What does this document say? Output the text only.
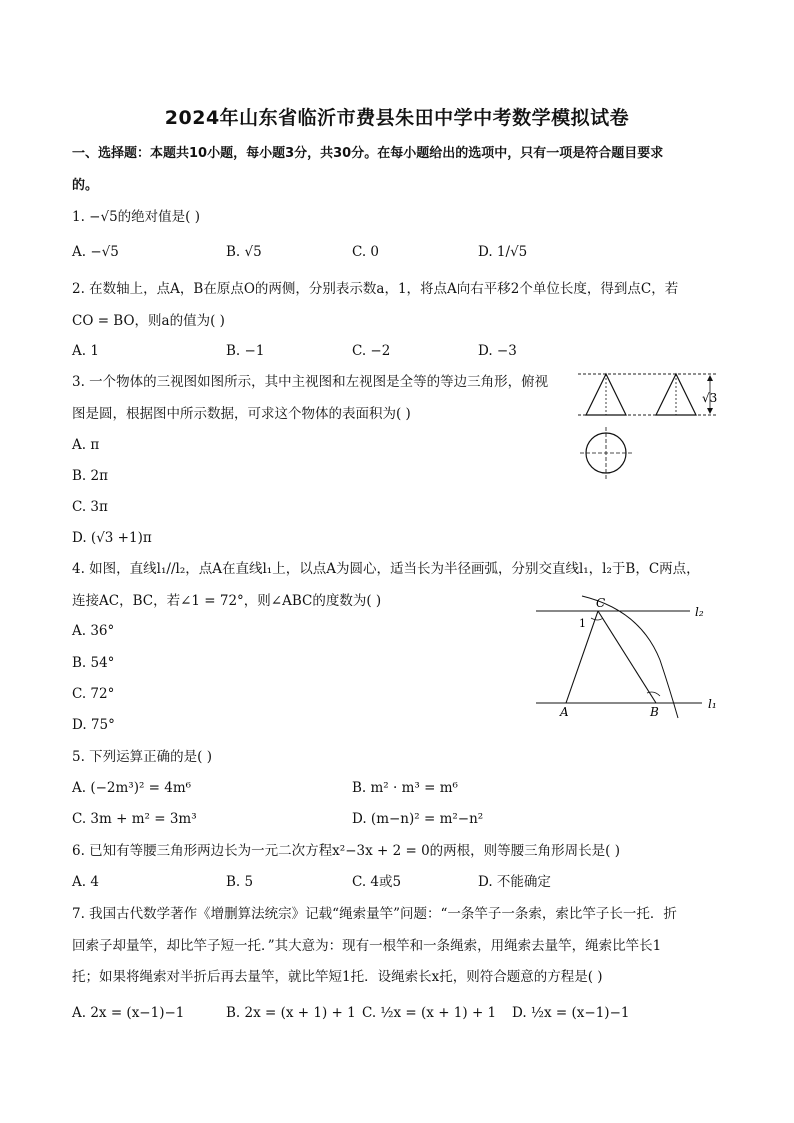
2024年山东省临沂市费县朱田中学中考数学模拟试卷
一、选择题：本题共10小题，每小题3分，共30分。在每小题给出的选项中，只有一项是符合题目要求
的。
1. −√5的绝对值是( )
A. −√5	B. √5	C. 0	D. 1/√5
2. 在数轴上，点A，B在原点O的两侧，分别表示数a，1，将点A向右平移2个单位长度，得到点C，若
CO = BO，则a的值为( )
A. 1	B. −1	C. −2	D. −3
3. 一个物体的三视图如图所示，其中主视图和左视图是全等的等边三角形，俯视
图是圆，根据图中所示数据，可求这个物体的表面积为( )
A. π
B. 2π
C. 3π
D. (√3 +1)π
√3
4. 如图，直线l₁//l₂，点A在直线l₁上，以点A为圆心，适当长为半径画弧，分别交直线l₁，l₂于B，C两点，
连接AC，BC，若∠1 = 72°，则∠ABC的度数为( )
A. 36°
B. 54°
C. 72°
D. 75°
C
1
A	B
l₂
l₁
5. 下列运算正确的是( )
A. (−2m³)² = 4m⁶	B. m² · m³ = m⁶
C. 3m + m² = 3m³	D. (m−n)² = m²−n²
6. 已知有等腰三角形两边长为一元二次方程x²−3x + 2 = 0的两根，则等腰三角形周长是( )
A. 4	B. 5	C. 4或5	D. 不能确定
7. 我国古代数学著作《增删算法统宗》记载“绳索量竿”问题：“一条竿子一条索，索比竿子长一托．折
回索子却量竿，却比竿子短一托．”其大意为：现有一根竿和一条绳索，用绳索去量竿，绳索比竿长1
托；如果将绳索对半折后再去量竿，就比竿短1托．设绳索长x托，则符合题意的方程是( )
A. 2x = (x−1)−1	B. 2x = (x + 1) + 1 C. ½x = (x + 1) + 1 D. ½x = (x−1)−1
